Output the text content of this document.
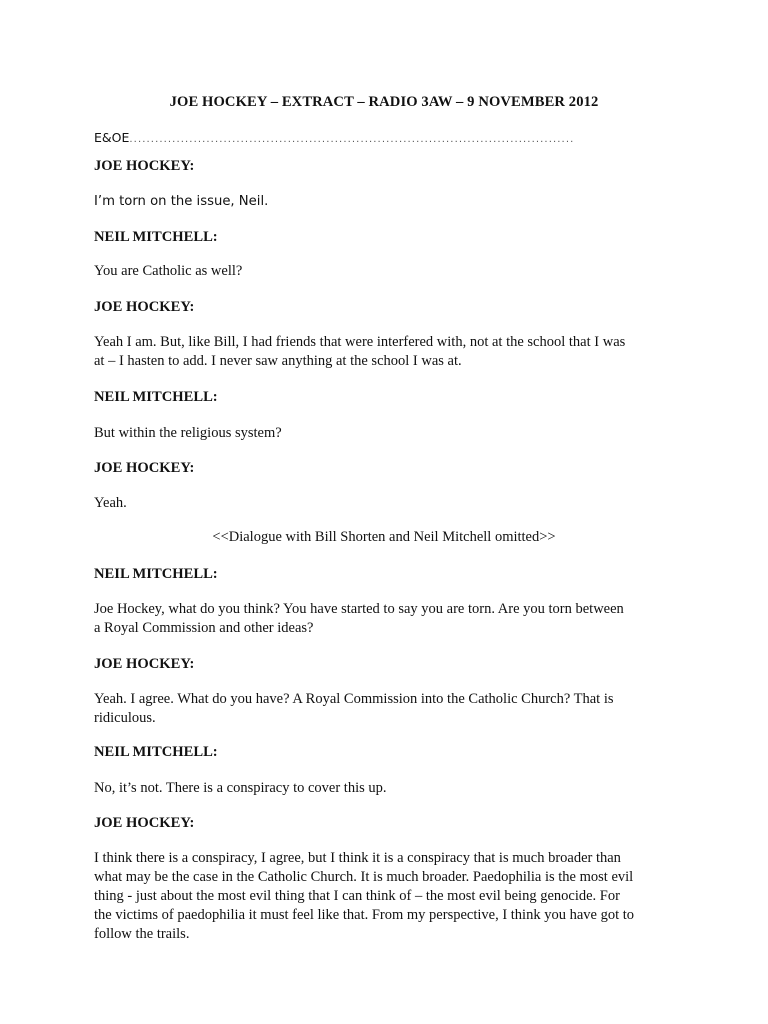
JOE HOCKEY – EXTRACT – RADIO 3AW – 9 NOVEMBER 2012
E&OE........................................................................................................
JOE HOCKEY:
I’m torn on the issue, Neil.
NEIL MITCHELL:
You are Catholic as well?
JOE HOCKEY:
Yeah I am. But, like Bill, I had friends that were interfered with, not at the school that I was
at – I hasten to add. I never saw anything at the school I was at.
NEIL MITCHELL:
But within the religious system?
JOE HOCKEY:
Yeah.
<<Dialogue with Bill Shorten and Neil Mitchell omitted>>
NEIL MITCHELL:
Joe Hockey, what do you think? You have started to say you are torn. Are you torn between
a Royal Commission and other ideas?
JOE HOCKEY:
Yeah. I agree. What do you have? A Royal Commission into the Catholic Church? That is
ridiculous.
NEIL MITCHELL:
No, it’s not. There is a conspiracy to cover this up.
JOE HOCKEY:
I think there is a conspiracy, I agree, but I think it is a conspiracy that is much broader than
what may be the case in the Catholic Church. It is much broader. Paedophilia is the most evil
thing - just about the most evil thing that I can think of – the most evil being genocide. For
the victims of paedophilia it must feel like that. From my perspective, I think you have got to
follow the trails.
